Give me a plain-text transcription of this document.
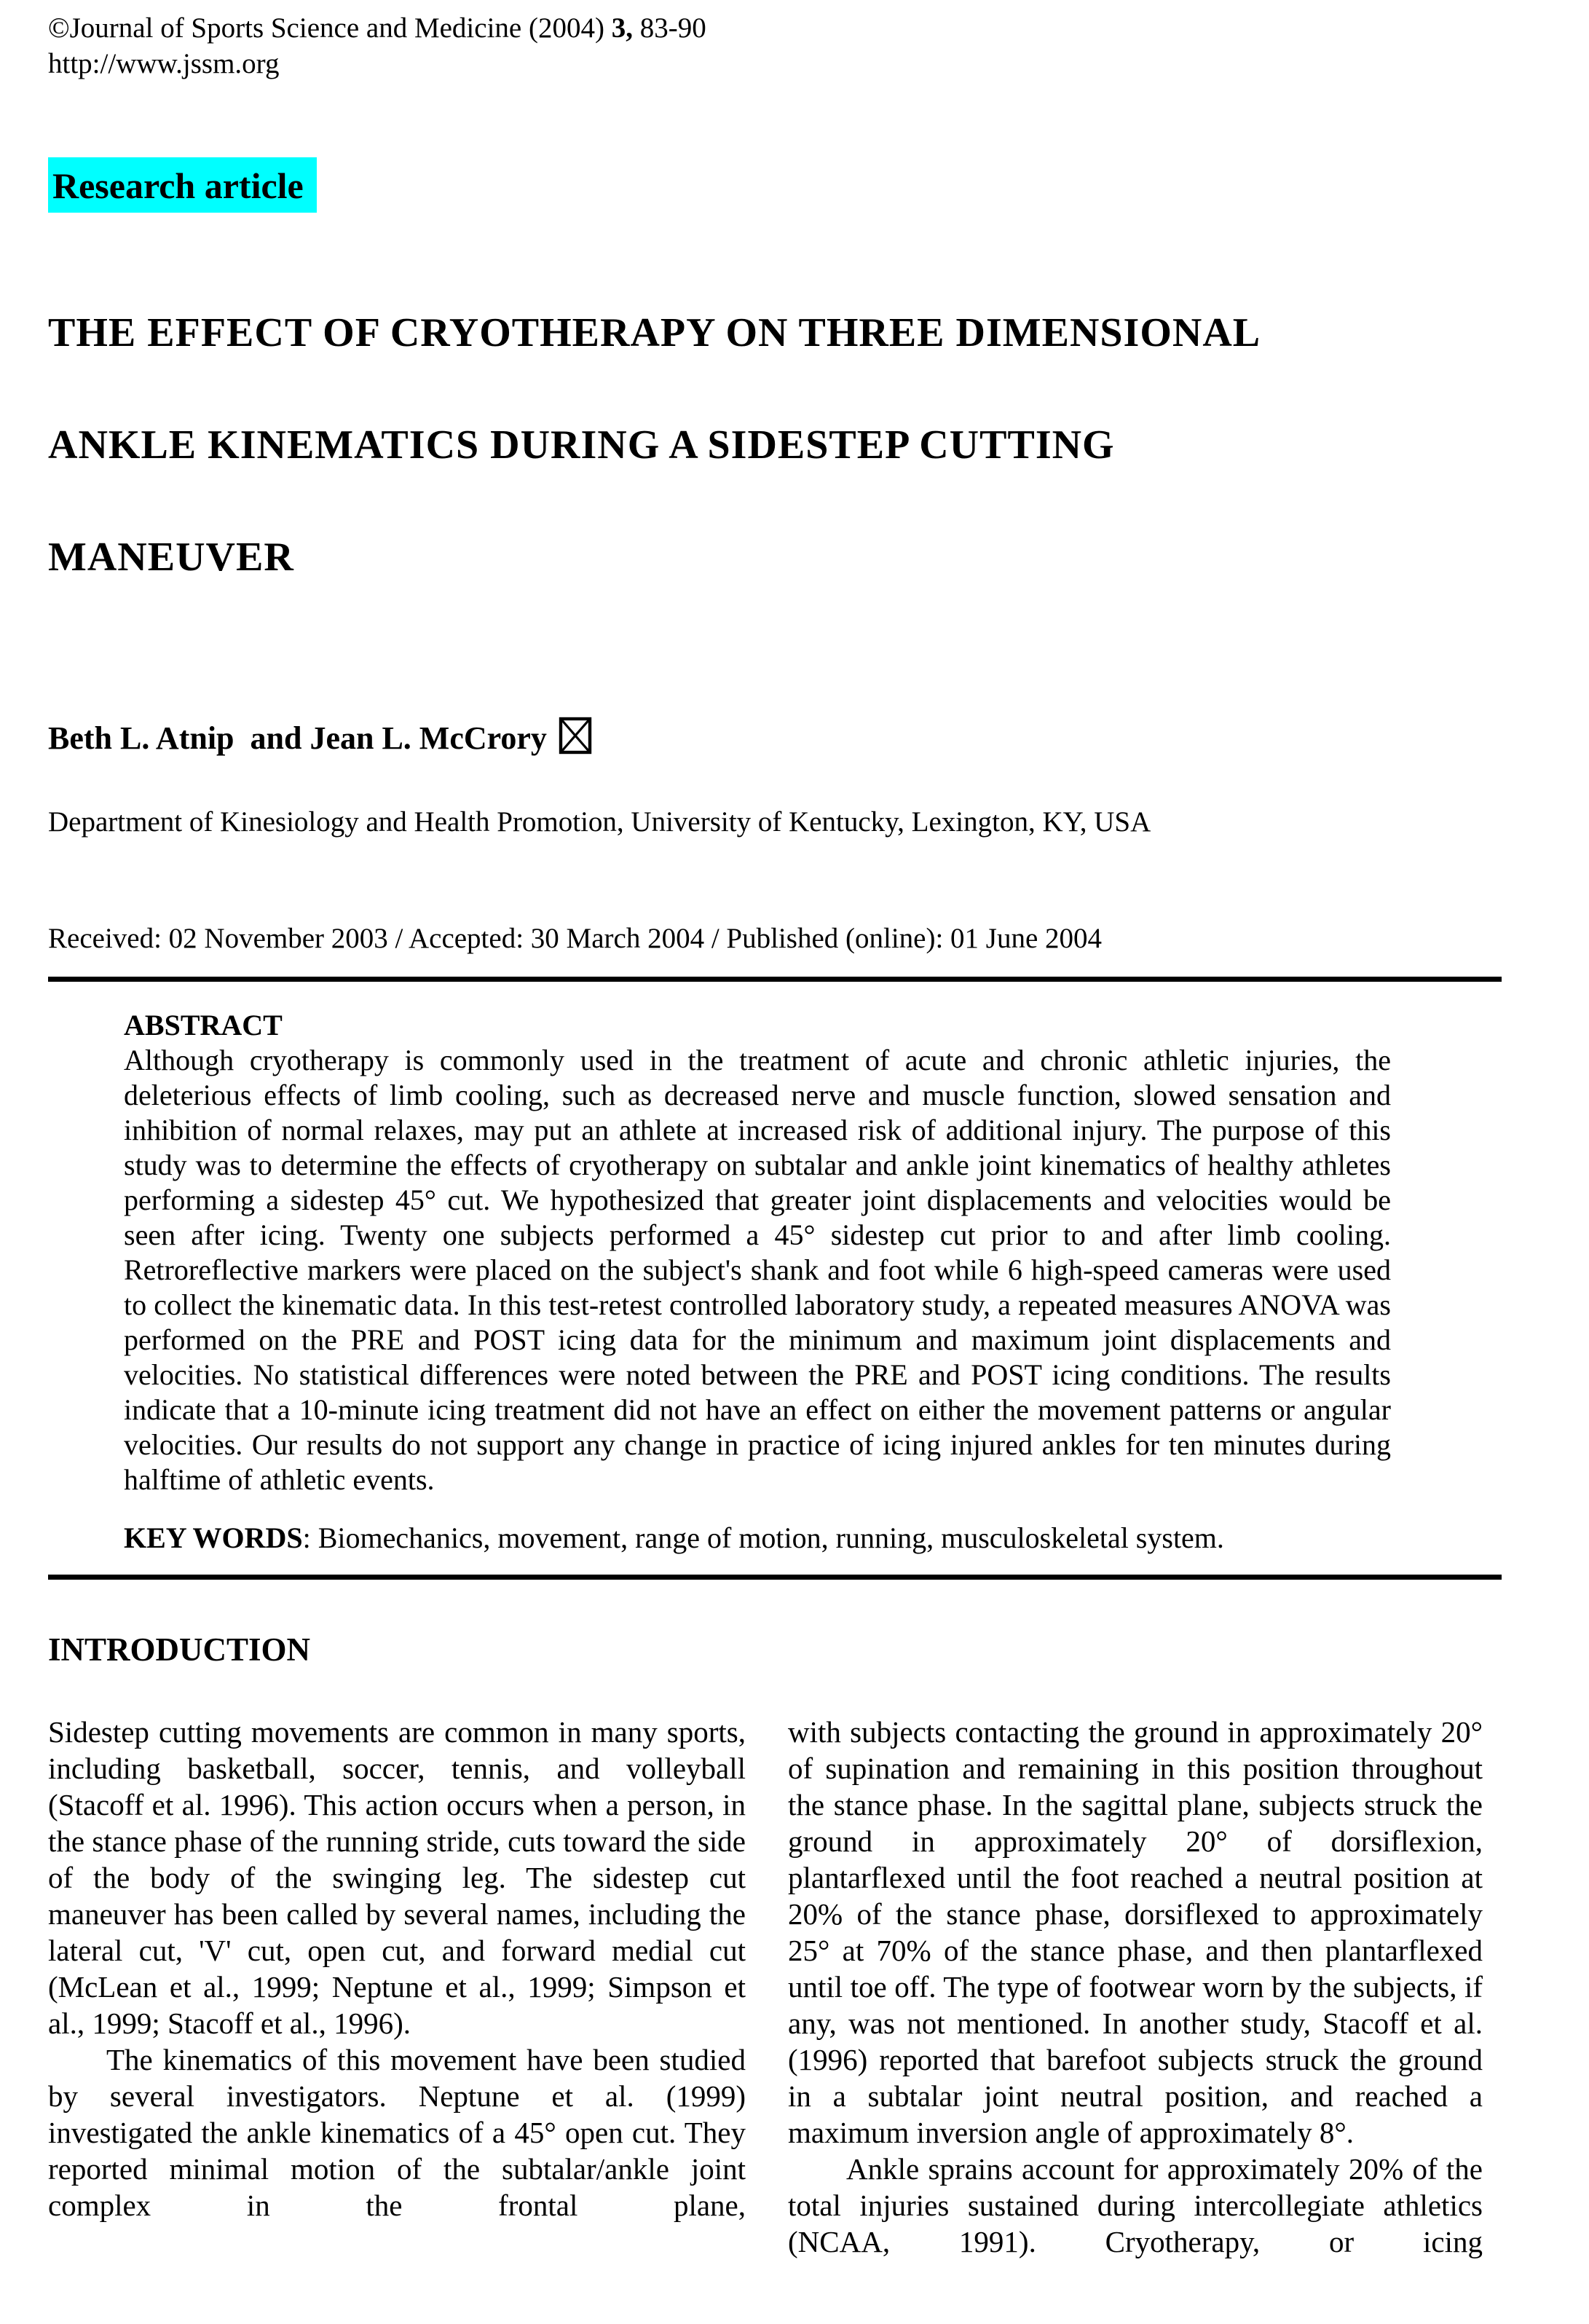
©Journal of Sports Science and Medicine (2004) 3, 83-90
http://www.jssm.org
Research article
THE EFFECT OF CRYOTHERAPY ON THREE DIMENSIONAL
ANKLE KINEMATICS DURING A SIDESTEP CUTTING
MANEUVER
Beth L. Atnip  and Jean L. McCrory
Department of Kinesiology and Health Promotion, University of Kentucky, Lexington, KY, USA
Received: 02 November 2003 / Accepted: 30 March 2004 / Published (online): 01 June 2004
ABSTRACT
Although cryotherapy is commonly used in the treatment of acute and chronic athletic injuries, the deleterious effects of limb cooling, such as decreased nerve and muscle function, slowed sensation and inhibition of normal relaxes, may put an athlete at increased risk of additional injury. The purpose of this study was to determine the effects of cryotherapy on subtalar and ankle joint kinematics of healthy athletes performing a sidestep 45° cut. We hypothesized that greater joint displacements and velocities would be seen after icing. Twenty one subjects performed a 45° sidestep cut prior to and after limb cooling. Retroreflective markers were placed on the subject's shank and foot while 6 high-speed cameras were used to collect the kinematic data. In this test-retest controlled laboratory study, a repeated measures ANOVA was performed on the PRE and POST icing data for the minimum and maximum joint displacements and velocities. No statistical differences were noted between the PRE and POST icing conditions. The results indicate that a 10-minute icing treatment did not have an effect on either the movement patterns or angular velocities. Our results do not support any change in practice of icing injured ankles for ten minutes during halftime of athletic events.
KEY WORDS: Biomechanics, movement, range of motion, running, musculoskeletal system.
INTRODUCTION

Sidestep cutting movements are common in many sports, including basketball, soccer, tennis, and volleyball (Stacoff et al. 1996). This action occurs when a person, in the stance phase of the running stride, cuts toward the side of the body of the swinging leg. The sidestep cut maneuver has been called by several names, including the lateral cut, 'V' cut, open cut, and forward medial cut (McLean et al., 1999; Neptune et al., 1999; Simpson et al., 1999; Stacoff et al., 1996).

The kinematics of this movement have been studied by several investigators. Neptune et al. (1999) investigated the ankle kinematics of a 45° open cut. They reported minimal motion of the subtalar/ankle joint complex in the frontal plane,

with subjects contacting the ground in approximately 20° of supination and remaining in this position throughout the stance phase. In the sagittal plane, subjects struck the ground in approximately 20° of dorsiflexion, plantarflexed until the foot reached a neutral position at 20% of the stance phase, dorsiflexed to approximately 25° at 70% of the stance phase, and then plantarflexed until toe off. The type of footwear worn by the subjects, if any, was not mentioned. In another study, Stacoff et al. (1996) reported that barefoot subjects struck the ground in a subtalar joint neutral position, and reached a maximum inversion angle of approximately 8°.

Ankle sprains account for approximately 20% of the total injuries sustained during intercollegiate athletics (NCAA, 1991). Cryotherapy, or icing
